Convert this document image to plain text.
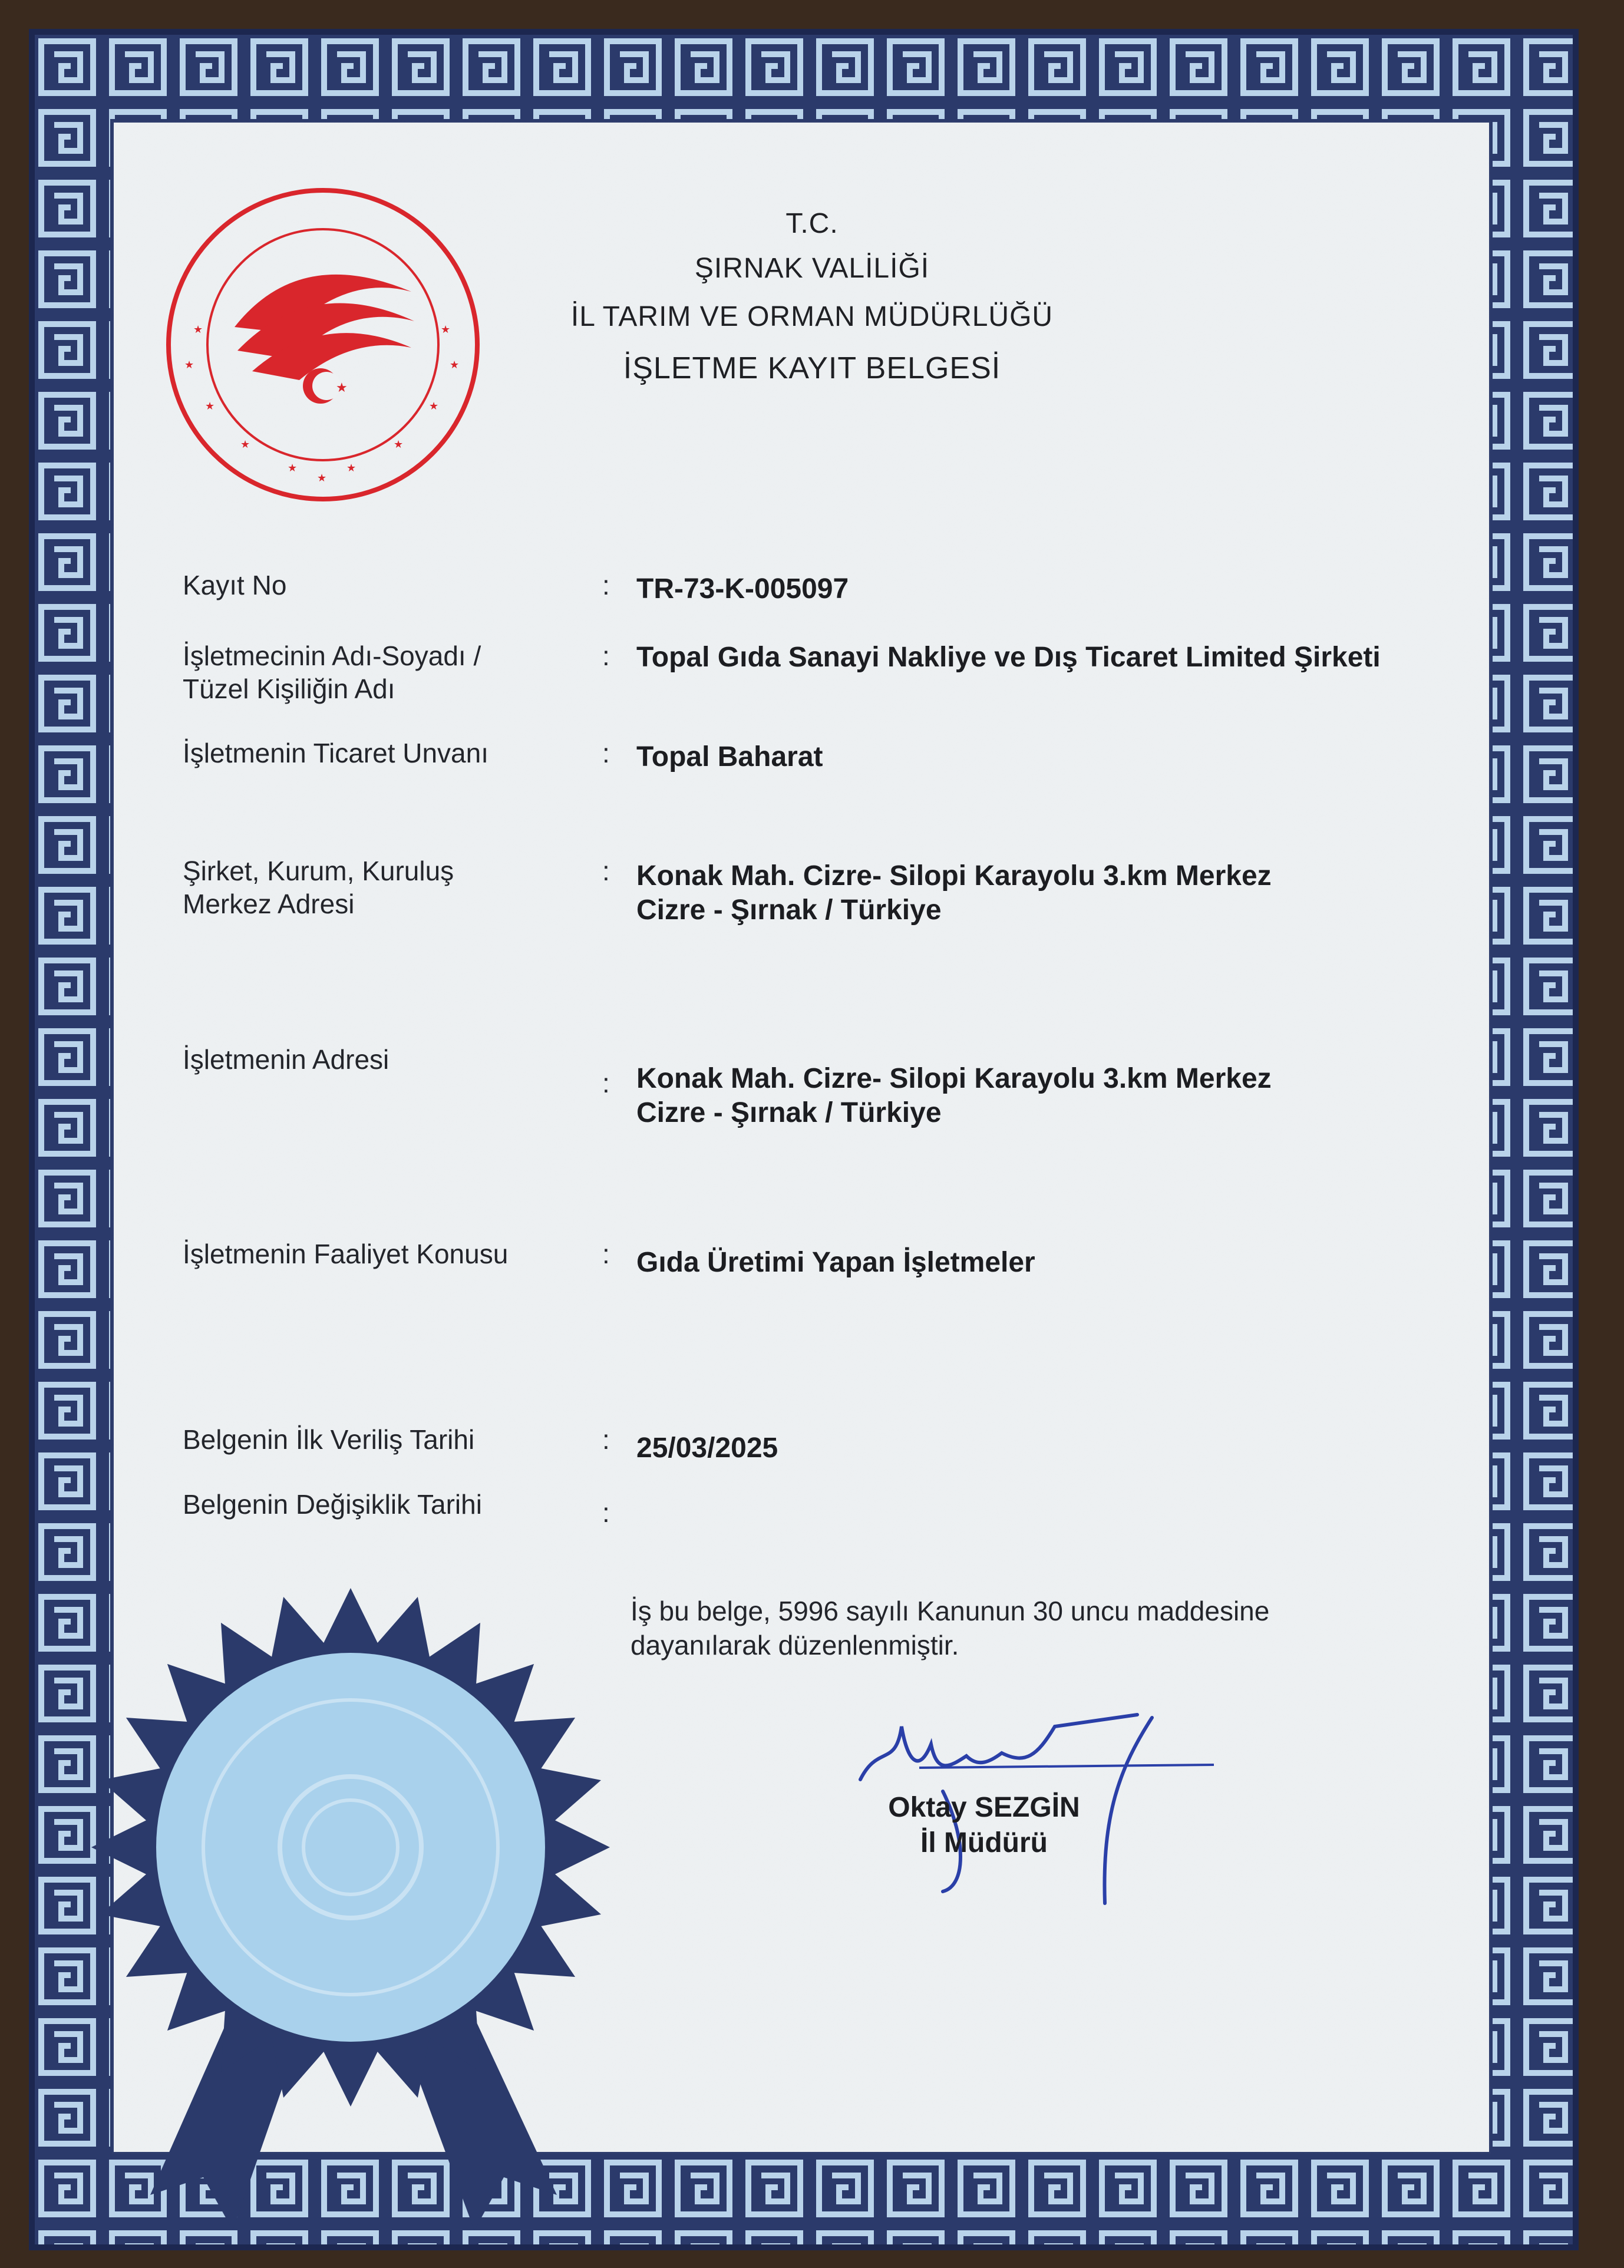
★	★
★	★
★	★
★	★
★	★
★
★
T.C.
ŞIRNAK VALİLİĞİ
İL TARIM VE ORMAN MÜDÜRLÜĞÜ
İŞLETME KAYIT BELGESİ
Kayıt No	: TR-73-K-005097
İşletmecinin Adı-Soyadı / Tüzel Kişiliğin Adı
: Topal Gıda Sanayi Nakliye ve Dış Ticaret Limited Şirketi
İşletmenin Ticaret Unvanı	: Topal Baharat
Şirket, Kurum, Kuruluş Merkez Adresi
: Konak Mah. Cizre- Silopi Karayolu 3.km Merkez Cizre - Şırnak / Türkiye
İşletmenin Adresi
: Konak Mah. Cizre- Silopi Karayolu 3.km Merkez Cizre - Şırnak / Türkiye
İşletmenin Faaliyet Konusu	: Gıda Üretimi Yapan İşletmeler
Belgenin İlk Veriliş Tarihi	: 25/03/2025
Belgenin Değişiklik Tarihi	:
İş bu belge, 5996 sayılı Kanunun 30 uncu maddesine dayanılarak düzenlenmiştir.
Oktay SEZGİN
İl Müdürü
